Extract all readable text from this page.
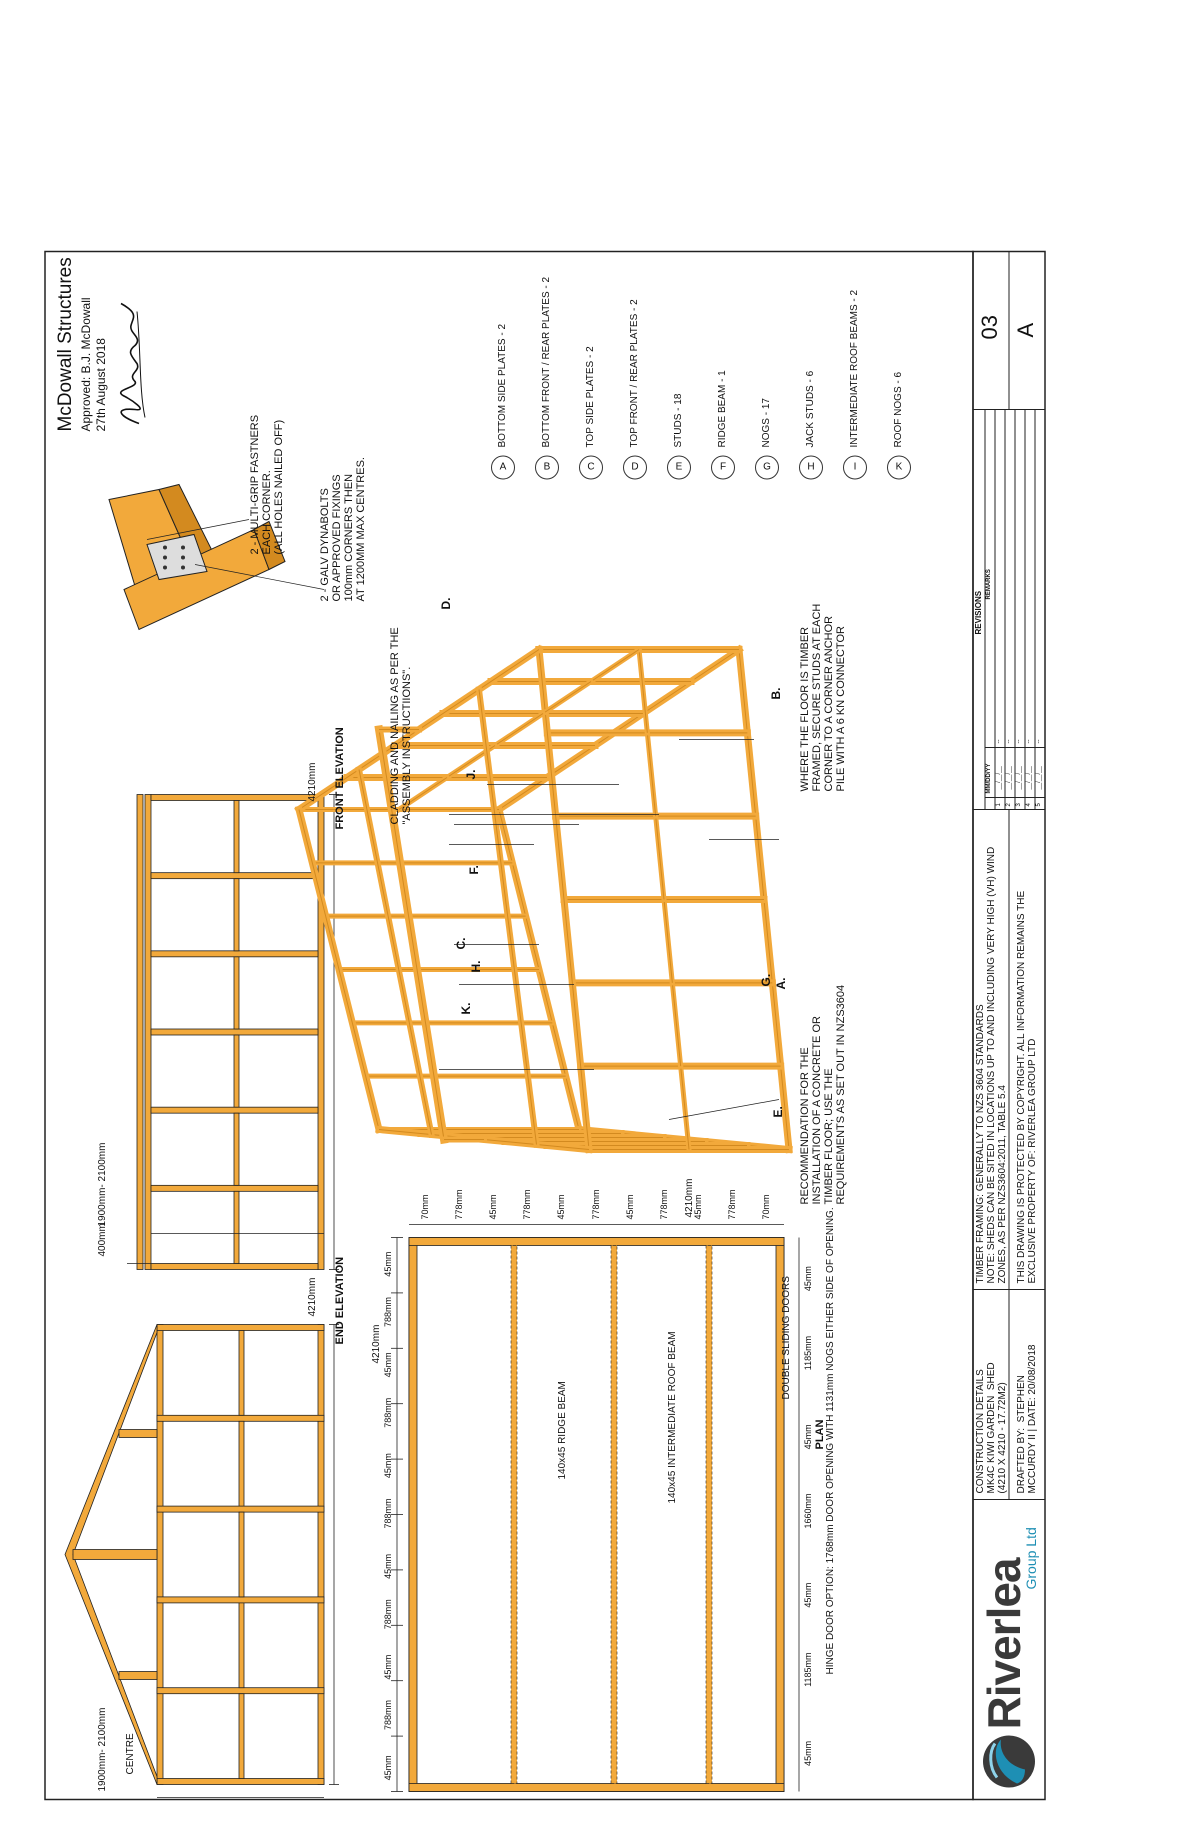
McDowall Structures Approved: B.J. McDowall 27th August 2018
END ELEVATION
4210mm
1900mm- 2100mm CENTRE
FRONT ELEVATION
4210mm
1900mm- 2100mm
400mm
PLAN
4210mm
4210mm
140x45 RIDGE BEAM	140x45 INTERMEDIATE ROOF BEAM	DOUBLE SLIDING DOORS	HINGE DOOR OPTION: 1768mm DOOR OPENING WITH 1131mm NOGS EITHER SIDE OF OPENING.
45mm
788mm
45mm
788mm
45mm
788mm
45mm
788mm
45mm
788mm
45mm
45mm
1185mm
45mm
1660mm
45mm
1185mm
45mm
70mm	778mm	45mm	778mm	45mm	778mm	45mm	778mm	45mm	778mm	70mm
2 - MULTI-GRIP FASTNERS
EACH CORNER.
(ALL HOLES NAILED OFF)
2 - GALV DYNABOLTS
OR APPROVED FIXINGS
100mm CORNERS THEN
AT 1200MM MAX CENTRES.
CLADDING AND NAILING AS PER THE
"ASSEMBLY INSTRUCTIIONS".
WHERE THE FLOOR IS TIMBER
FRAMED, SECURE STUDS AT EACH
CORNER TO A CORNER ANCHOR
PILE WITH A 6 KN CONNECTOR
RECOMMENDATION FOR THE
INSTALLATION OF A CONCRETE OR
TIMBER FLOOR; USE THE
REQUIREMENTS AS SET OUT IN NZS3604
D.
B.
J.
F.
C.
A.
H.
G.
K.
E.
A
BOTTOM SIDE PLATES - 2
B
BOTTOM FRONT / REAR PLATES - 2
C
TOP SIDE PLATES - 2
D
TOP FRONT / REAR PLATES - 2
E
STUDS - 18
F
RIDGE BEAM - 1
G
NOGS - 17
H
JACK STUDS - 6
I
INTERMEDIATE ROOF BEAMS - 2
K
ROOF NOGS - 6
Riverlea
Group Ltd
CONSTRUCTION DETAILS
MK4C KIWI GARDEN  SHED
(4210 X 4210 - 17.72M2)
DRAFTED BY:  STEPHEN
MCCURDY II | DATE: 20/08/2018
TIMBER FRAMING: GENERALLY TO NZS 3604 STANDARDS
NOTE: SHEDS CAN BE SITED IN LOCATIONS UP TO AND INCLUDING VERY HIGH (VH) WIND
ZONES, AS PER NZS3604:2011, TABLE 5.4
THIS DRAWING IS PROTECTED BY COPYRIGHT. ALL INFORMATION REMAINS THE
EXCLUSIVE PROPERTY OF: RIVERLEA GROUP LTD
REVISIONS
MM/DD/YY
REMARKS
1
__/__/__
--
2
__/__/__
--
3
__/__/__
--
4
__/__/__
--
5
__/__/__
--
03 A
